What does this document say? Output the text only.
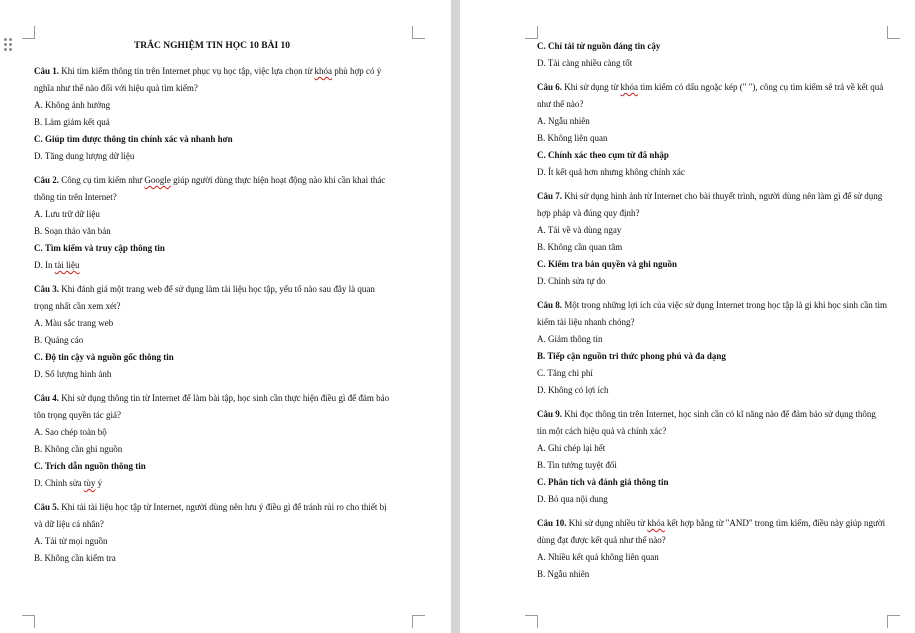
TRẮC NGHIỆM TIN HỌC 10 BÀI 10

Câu 1. Khi tìm kiếm thông tin trên Internet phục vụ học tập, việc lựa chọn từ khóa phù hợp có ý nghĩa như thế nào đối với hiệu quả tìm kiếm?

A. Không ảnh hưởng

B. Làm giảm kết quả

C. Giúp tìm được thông tin chính xác và nhanh hơn

D. Tăng dung lượng dữ liệu

Câu 2. Công cụ tìm kiếm như Google giúp người dùng thực hiện hoạt động nào khi cần khai thác thông tin trên Internet?

A. Lưu trữ dữ liệu

B. Soạn thảo văn bản

C. Tìm kiếm và truy cập thông tin

D. In tài liệu

Câu 3. Khi đánh giá một trang web để sử dụng làm tài liệu học tập, yếu tố nào sau đây là quan trọng nhất cần xem xét?

A. Màu sắc trang web

B. Quảng cáo

C. Độ tin cậy và nguồn gốc thông tin

D. Số lượng hình ảnh

Câu 4. Khi sử dụng thông tin từ Internet để làm bài tập, học sinh cần thực hiện điều gì để đảm bảo tôn trọng quyền tác giả?

A. Sao chép toàn bộ

B. Không cần ghi nguồn

C. Trích dẫn nguồn thông tin

D. Chỉnh sửa tùy ý

Câu 5. Khi tải tài liệu học tập từ Internet, người dùng nên lưu ý điều gì để tránh rủi ro cho thiết bị và dữ liệu cá nhân?

A. Tải từ mọi nguồn

B. Không cần kiểm tra

C. Chỉ tải từ nguồn đáng tin cậy

D. Tải càng nhiều càng tốt

Câu 6. Khi sử dụng từ khóa tìm kiếm có dấu ngoặc kép (" "), công cụ tìm kiếm sẽ trả về kết quả như thế nào?

A. Ngẫu nhiên

B. Không liên quan

C. Chính xác theo cụm từ đã nhập

D. Ít kết quả hơn nhưng không chính xác

Câu 7. Khi sử dụng hình ảnh từ Internet cho bài thuyết trình, người dùng nên làm gì để sử dụng hợp pháp và đúng quy định?

A. Tải về và dùng ngay

B. Không cần quan tâm

C. Kiểm tra bản quyền và ghi nguồn

D. Chỉnh sửa tự do

Câu 8. Một trong những lợi ích của việc sử dụng Internet trong học tập là gì khi học sinh cần tìm kiếm tài liệu nhanh chóng?

A. Giảm thông tin

B. Tiếp cận nguồn tri thức phong phú và đa dạng

C. Tăng chi phí

D. Không có lợi ích

Câu 9. Khi đọc thông tin trên Internet, học sinh cần có kĩ năng nào để đảm bảo sử dụng thông tin một cách hiệu quả và chính xác?

A. Ghi chép lại hết

B. Tin tưởng tuyệt đối

C. Phân tích và đánh giá thông tin

D. Bỏ qua nội dung

Câu 10. Khi sử dụng nhiều từ khóa kết hợp bằng từ "AND" trong tìm kiếm, điều này giúp người dùng đạt được kết quả như thế nào?

A. Nhiều kết quả không liên quan

B. Ngẫu nhiên
